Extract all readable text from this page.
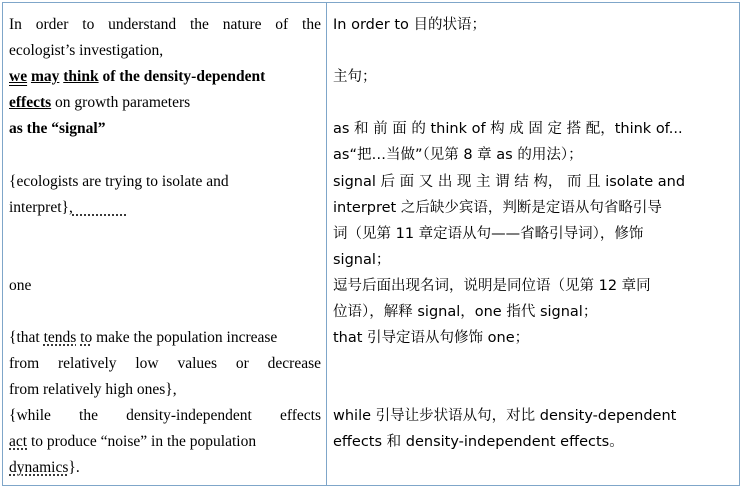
In order to understand the nature of the
ecologist’s investigation,
we may think of the density-dependent
effects on growth parameters
as the “signal”
{ecologists are trying to isolate and
interpret},
one
{that tends to make the population increase
from relatively low values or decrease
from relatively high ones},
{while the density-independent effects
act to produce “noise” in the population
dynamics}.
In order to 目的状语；
主句；
as 和 前 面 的 think of 构 成 固 定 搭 配，think of...
as“把…当做”（见第 8 章 as 的用法）；
signal 后 面 又 出 现 主 谓 结 构， 而 且 isolate and
interpret 之后缺少宾语，判断是定语从句省略引导
词（见第 11 章定语从句——省略引导词），修饰
signal；
逗号后面出现名词，说明是同位语（见第 12 章同
位语），解释 signal，one 指代 signal；
that 引导定语从句修饰 one；
while 引导让步状语从句，对比 density-dependent
effects 和 density-independent effects。
